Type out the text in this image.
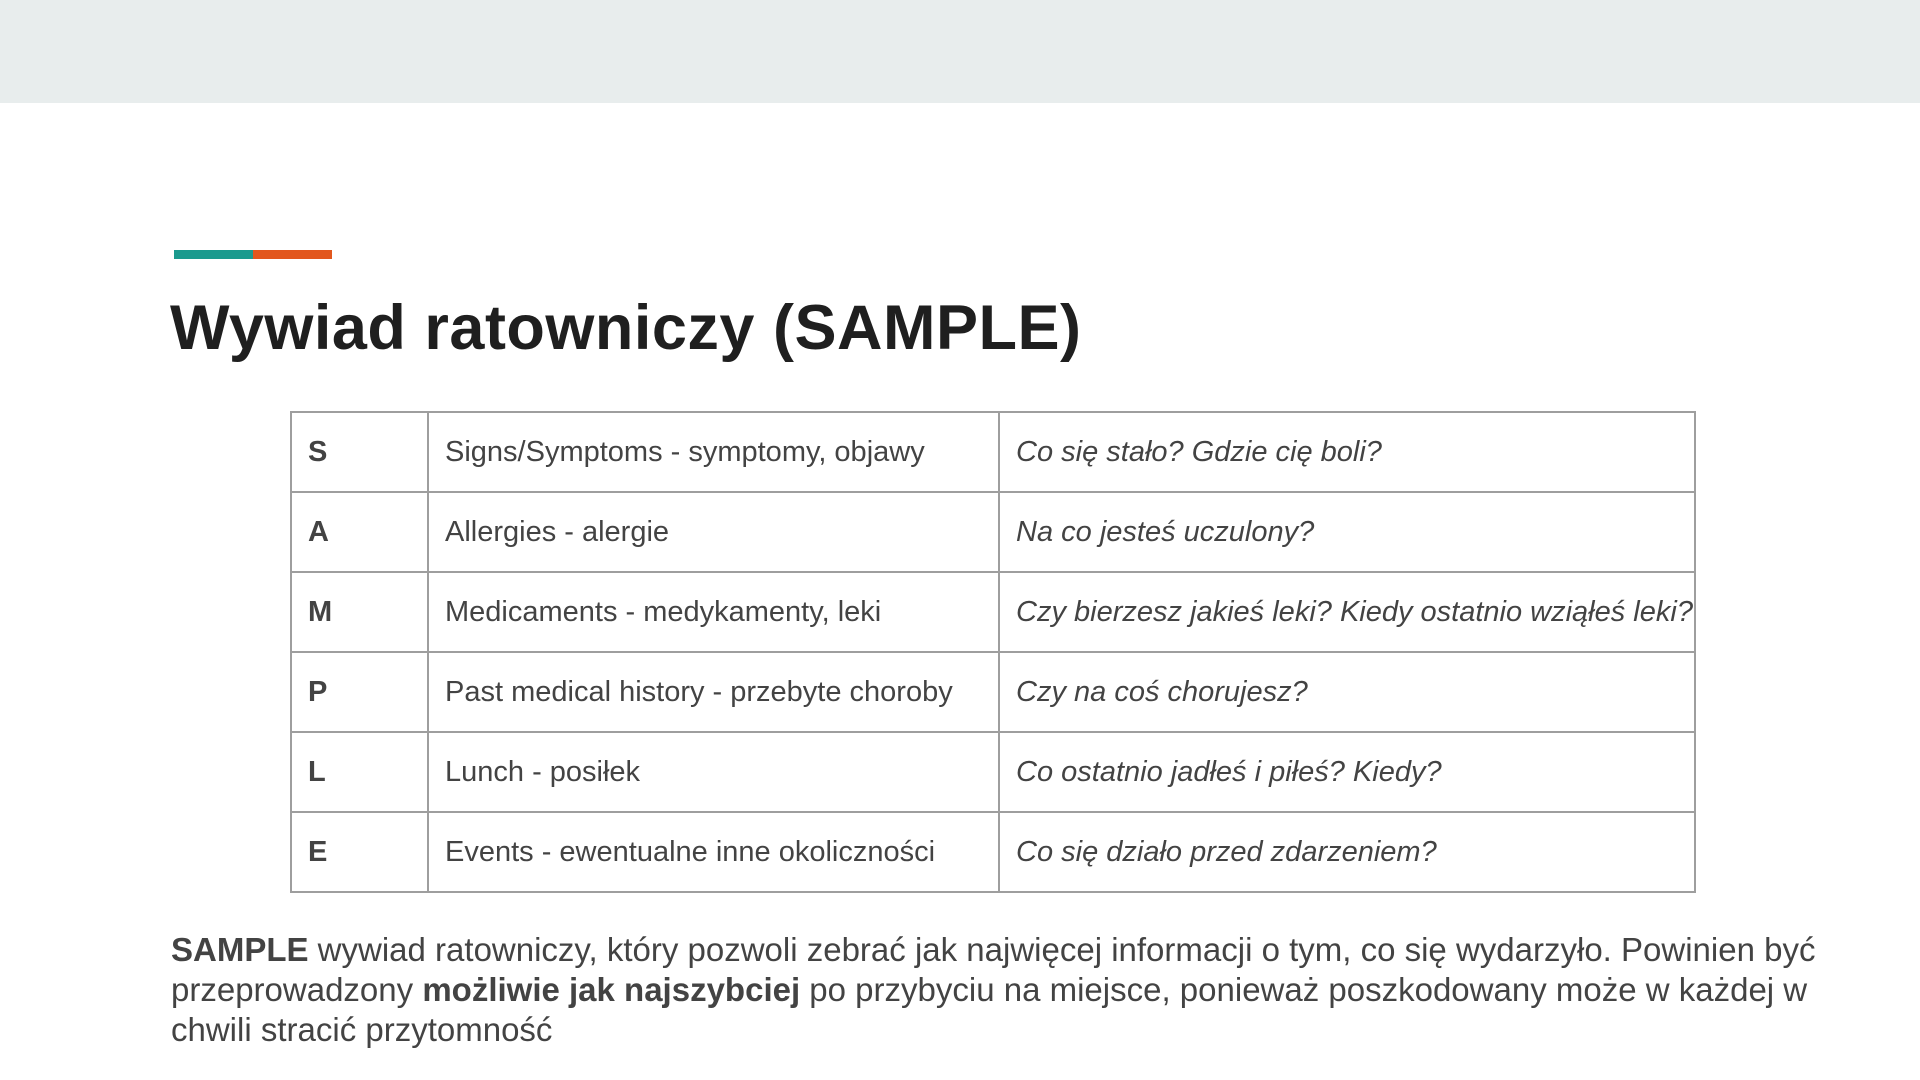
Wywiad ratowniczy (SAMPLE)
S	Signs/Symptoms - symptomy, objawy	Co się stało? Gdzie cię boli?
A	Allergies - alergie	Na co jesteś uczulony?
M	Medicaments - medykamenty, leki	Czy bierzesz jakieś leki? Kiedy ostatnio wziąłeś leki?
P	Past medical history - przebyte choroby	Czy na coś chorujesz?
L	Lunch - posiłek	Co ostatnio jadłeś i piłeś? Kiedy?
E	Events - ewentualne inne okoliczności	Co się działo przed zdarzeniem?

SAMPLE wywiad ratowniczy, który pozwoli zebrać jak najwięcej informacji o tym, co się wydarzyło. Powinien być przeprowadzony możliwie jak najszybciej po przybyciu na miejsce, ponieważ poszkodowany może w każdej w chwili stracić przytomność
